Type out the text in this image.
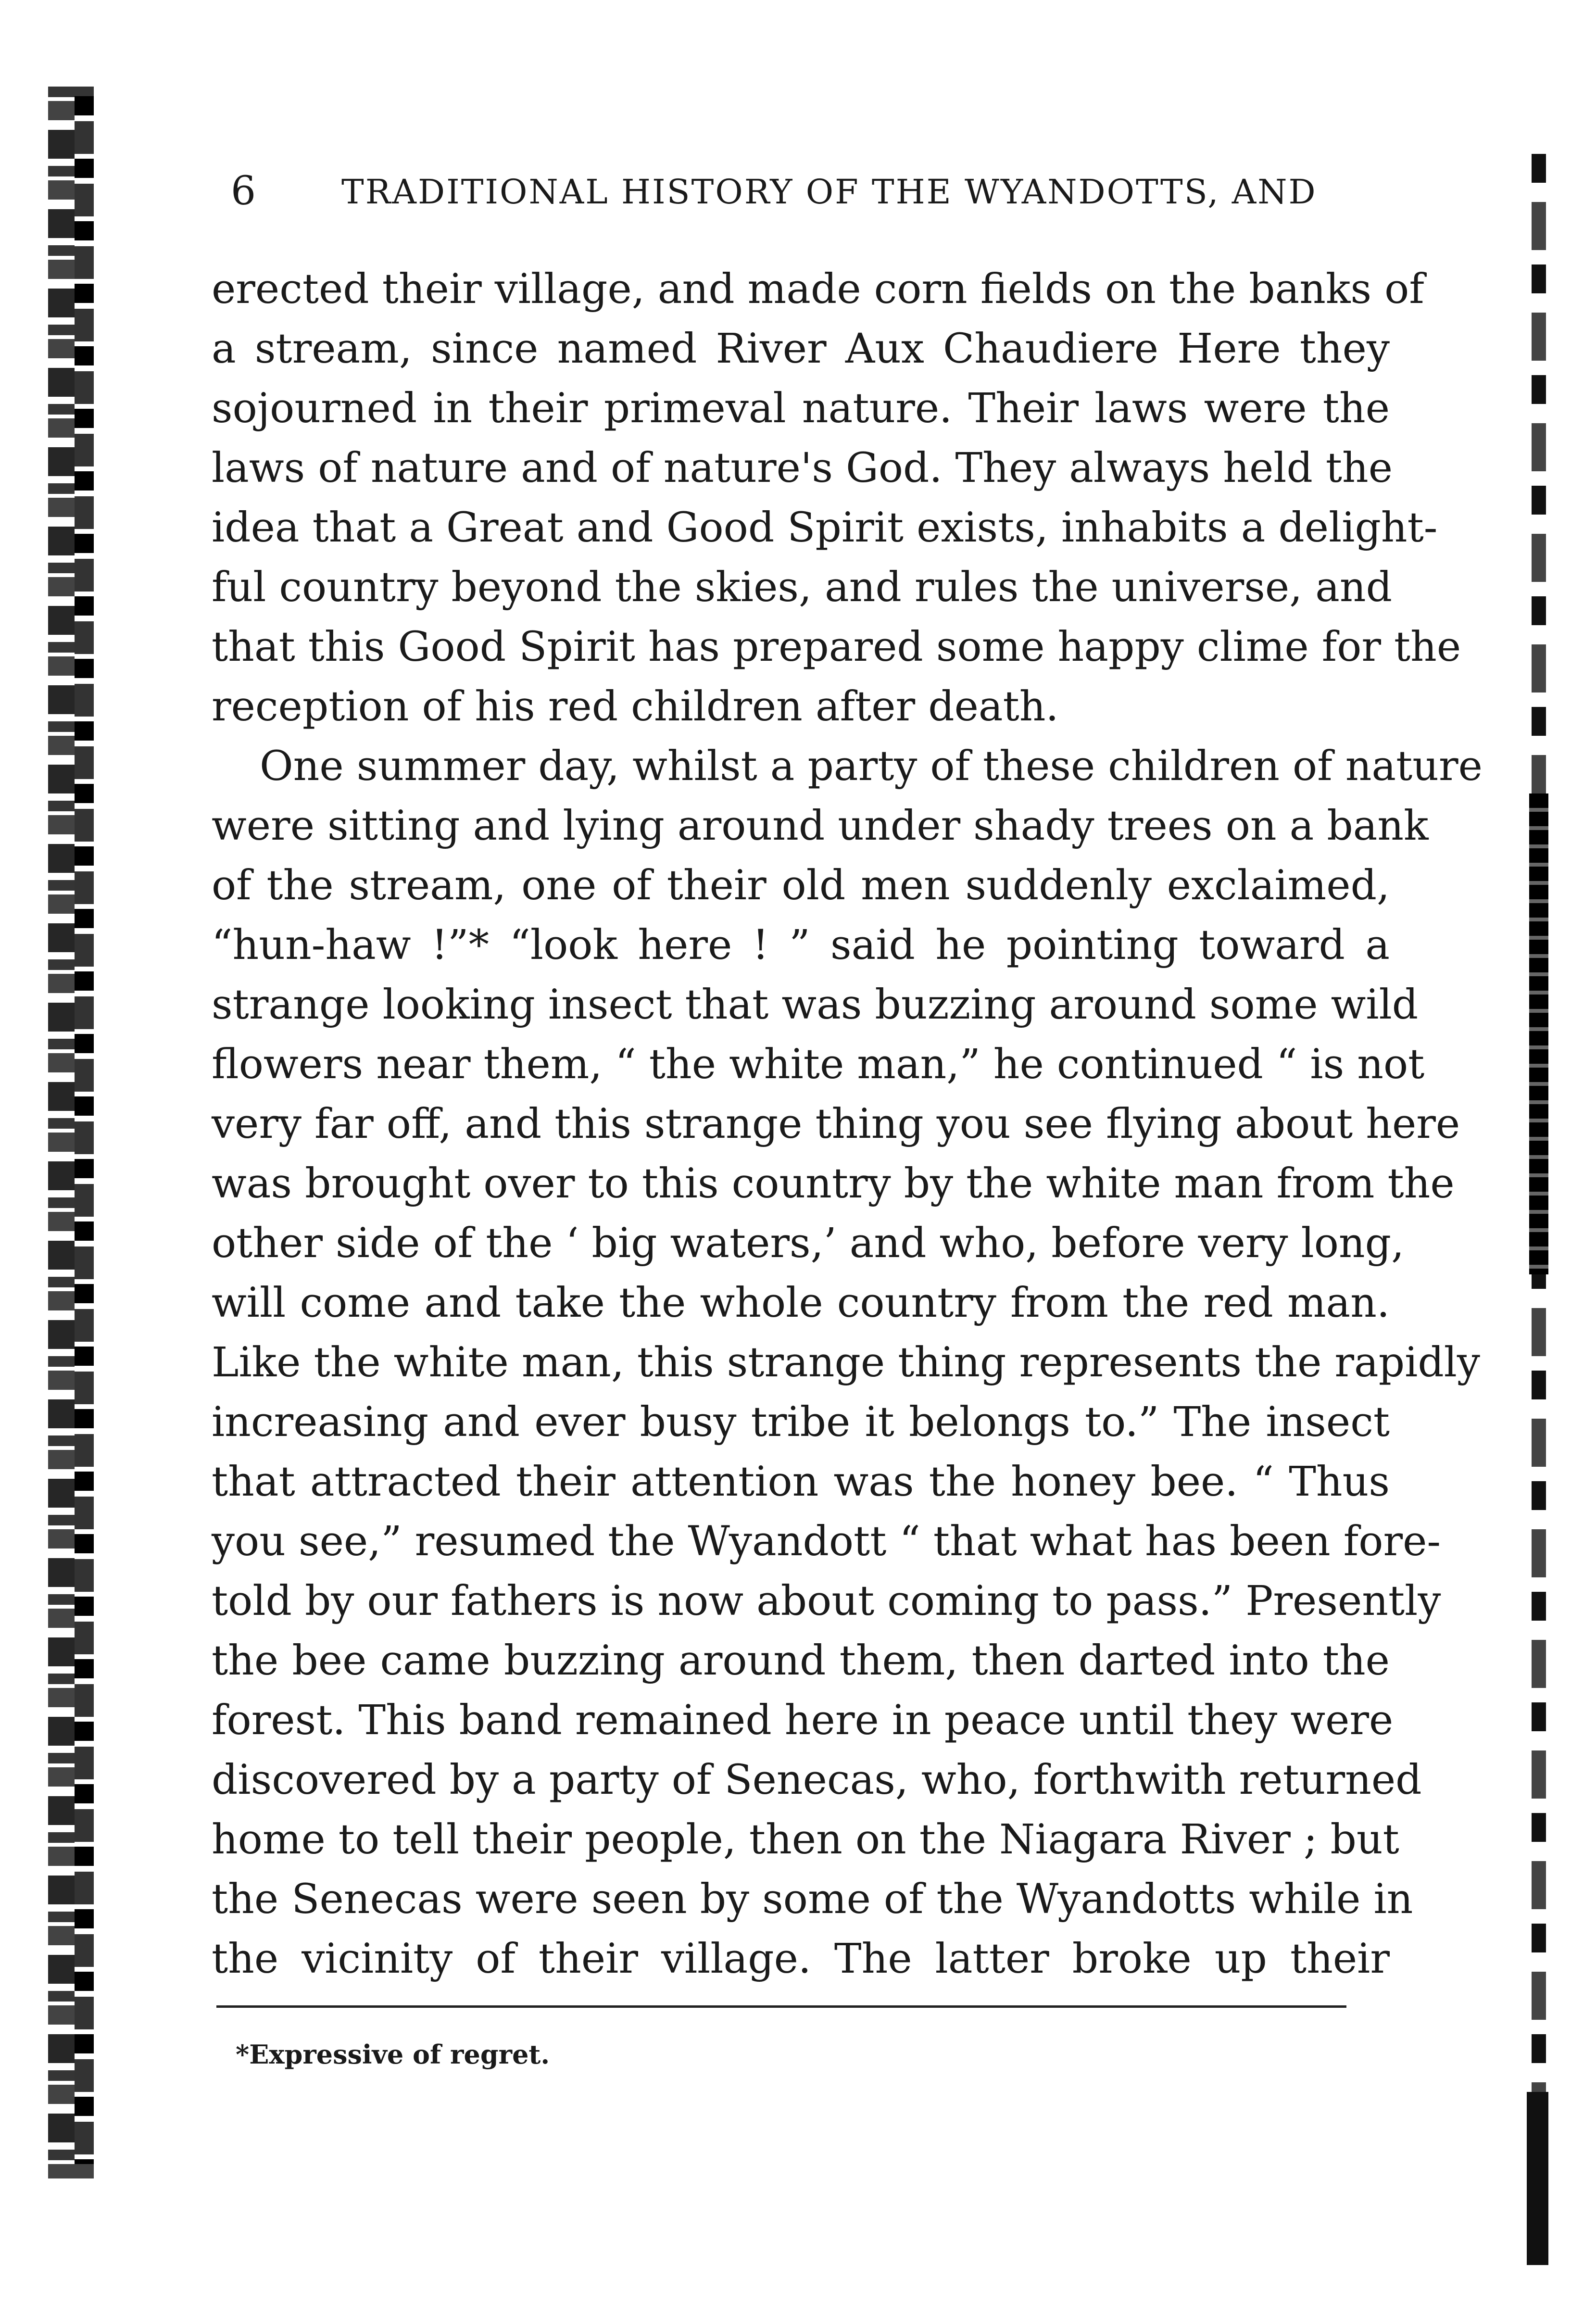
6 TRADITIONAL HISTORY OF THE WYANDOTTS, AND
erected their village, and made corn fields on the banks of
a stream, since named River Aux Chaudiere Here they
sojourned in their primeval nature. Their laws were the
laws of nature and of nature's God. They always held the
idea that a Great and Good Spirit exists, inhabits a delight-
ful country beyond the skies, and rules the universe, and
that this Good Spirit has prepared some happy clime for the
reception of his red children after death.
One summer day, whilst a party of these children of nature
were sitting and lying around under shady trees on a bank
of the stream, one of their old men suddenly exclaimed,
“hun-haw !”* “look here ! ” said he pointing toward a
strange looking insect that was buzzing around some wild
flowers near them, “ the white man,” he continued “ is not
very far off, and this strange thing you see flying about here
was brought over to this country by the white man from the
other side of the ‘ big waters,’ and who, before very long,
will come and take the whole country from the red man.
Like the white man, this strange thing represents the rapidly
increasing and ever busy tribe it belongs to.” The insect
that attracted their attention was the honey bee. “ Thus
you see,” resumed the Wyandott “ that what has been fore-
told by our fathers is now about coming to pass.” Presently
the bee came buzzing around them, then darted into the
forest. This band remained here in peace until they were
discovered by a party of Senecas, who, forthwith returned
home to tell their people, then on the Niagara River ; but
the Senecas were seen by some of the Wyandotts while in
the vicinity of their village. The latter broke up their
*Expressive of regret.
